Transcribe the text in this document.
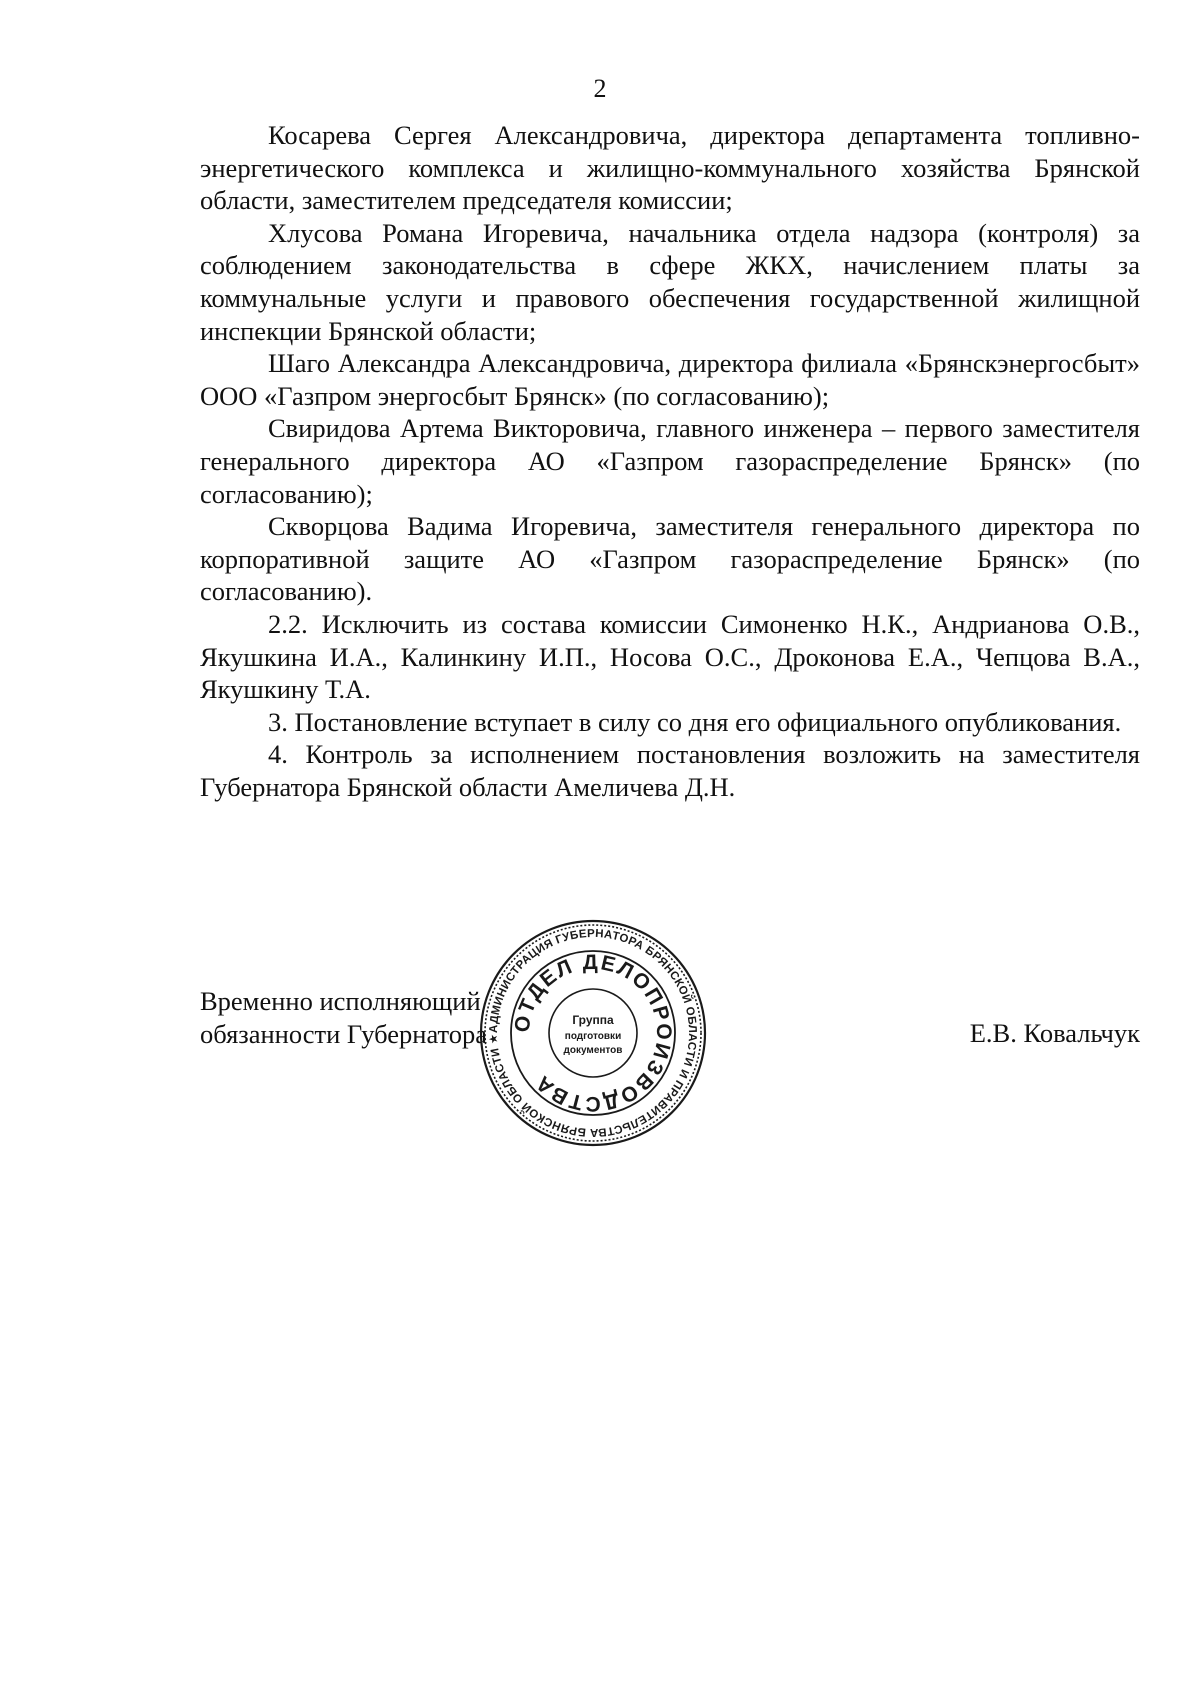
2

Косарева Сергея Александровича, директора департамента топливно-энергетического комплекса и жилищно-коммунального хозяйства Брянской области, заместителем председателя комиссии;

Хлусова Романа Игоревича, начальника отдела надзора (контроля) за соблюдением законодательства в сфере ЖКХ, начислением платы за коммунальные услуги и правового обеспечения государственной жилищной инспекции Брянской области;

Шаго Александра Александровича, директора филиала «Брянскэнергосбыт» ООО «Газпром энергосбыт Брянск» (по согласованию);

Свиридова Артема Викторовича, главного инженера – первого заместителя генерального директора АО «Газпром газораспределение Брянск» (по согласованию);

Скворцова Вадима Игоревича, заместителя генерального директора по корпоративной защите АО «Газпром газораспределение Брянск» (по согласованию).

2.2. Исключить из состава комиссии Симоненко Н.К., Андрианова О.В., Якушкина И.А., Калинкину И.П., Носова О.С., Дроконова Е.А., Чепцова В.А., Якушкину Т.А.

3. Постановление вступает в силу со дня его официального опубликования.

4. Контроль за исполнением постановления возложить на заместителя Губернатора Брянской области Амеличева Д.Н.

Временно исполняющий
обязанности Губернатора	Е.В. Ковальчук
АДМИНИСТРАЦИЯ ГУБЕРНАТОРА БРЯНСКОЙ ОБЛАСТИ И ПРАВИТЕЛЬСТВА БРЯНСКОЙ ОБЛАСТИ ★
ОТДЕЛ ДЕЛОПРОИЗВОДСТВА
Группа
подготовки
документов
